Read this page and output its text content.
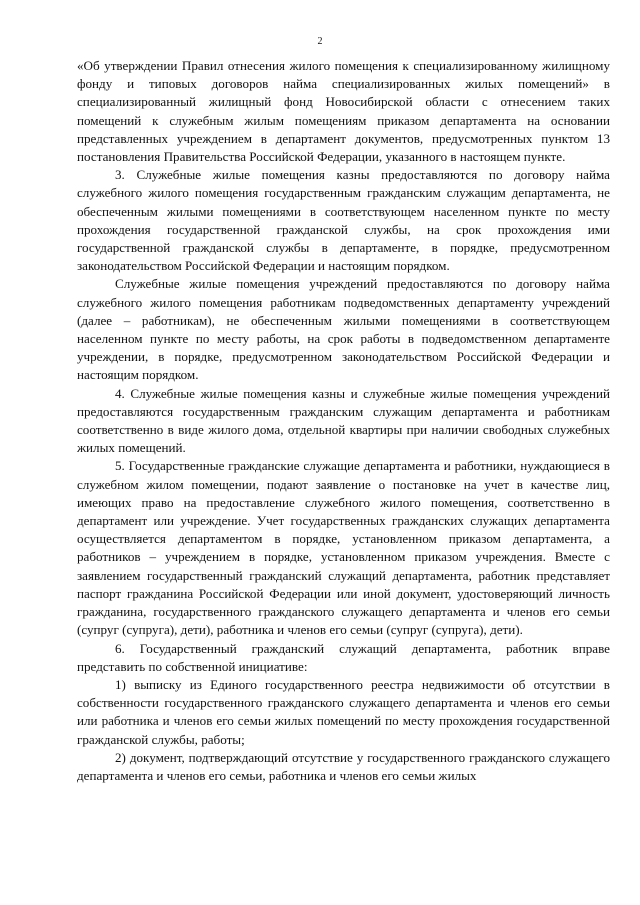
2

«Об утверждении Правил отнесения жилого помещения к специализированному жилищному фонду и типовых договоров найма специализированных жилых помещений» в специализированный жилищный фонд Новосибирской области с отнесением таких помещений к служебным жилым помещениям приказом департамента на основании представленных учреждением в департамент документов, предусмотренных пунктом 13 постановления Правительства Российской Федерации, указанного в настоящем пункте.

3. Служебные жилые помещения казны предоставляются по договору найма служебного жилого помещения государственным гражданским служащим департамента, не обеспеченным жилыми помещениями в соответствующем населенном пункте по месту прохождения государственной гражданской службы, на срок прохождения ими государственной гражданской службы в департаменте, в порядке, предусмотренном законодательством Российской Федерации и настоящим порядком.

Служебные жилые помещения учреждений предоставляются по договору найма служебного жилого помещения работникам подведомственных департаменту учреждений (далее – работникам), не обеспеченным жилыми помещениями в соответствующем населенном пункте по месту работы, на срок работы в подведомственном департаменте учреждении, в порядке, предусмотренном законодательством Российской Федерации и настоящим порядком.

4. Служебные жилые помещения казны и служебные жилые помещения учреждений предоставляются государственным гражданским служащим департамента и работникам соответственно в виде жилого дома, отдельной квартиры при наличии свободных служебных жилых помещений.

5. Государственные гражданские служащие департамента и работники, нуждающиеся в служебном жилом помещении, подают заявление о постановке на учет в качестве лиц, имеющих право на предоставление служебного жилого помещения, соответственно в департамент или учреждение. Учет государственных гражданских служащих департамента осуществляется департаментом в порядке, установленном приказом департамента, а работников – учреждением в порядке, установленном приказом учреждения. Вместе с заявлением государственный гражданский служащий департамента, работник представляет паспорт гражданина Российской Федерации или иной документ, удостоверяющий личность гражданина, государственного гражданского служащего департамента и членов его семьи (супруг (супруга), дети), работника и членов его семьи (супруг (супруга), дети).

6. Государственный гражданский служащий департамента, работник вправе представить по собственной инициативе:

1) выписку из Единого государственного реестра недвижимости об отсутствии в собственности государственного гражданского служащего департамента и членов его семьи или работника и членов его семьи жилых помещений по месту прохождения государственной гражданской службы, работы;

2) документ, подтверждающий отсутствие у государственного гражданского служащего департамента и членов его семьи, работника и членов его семьи жилых
